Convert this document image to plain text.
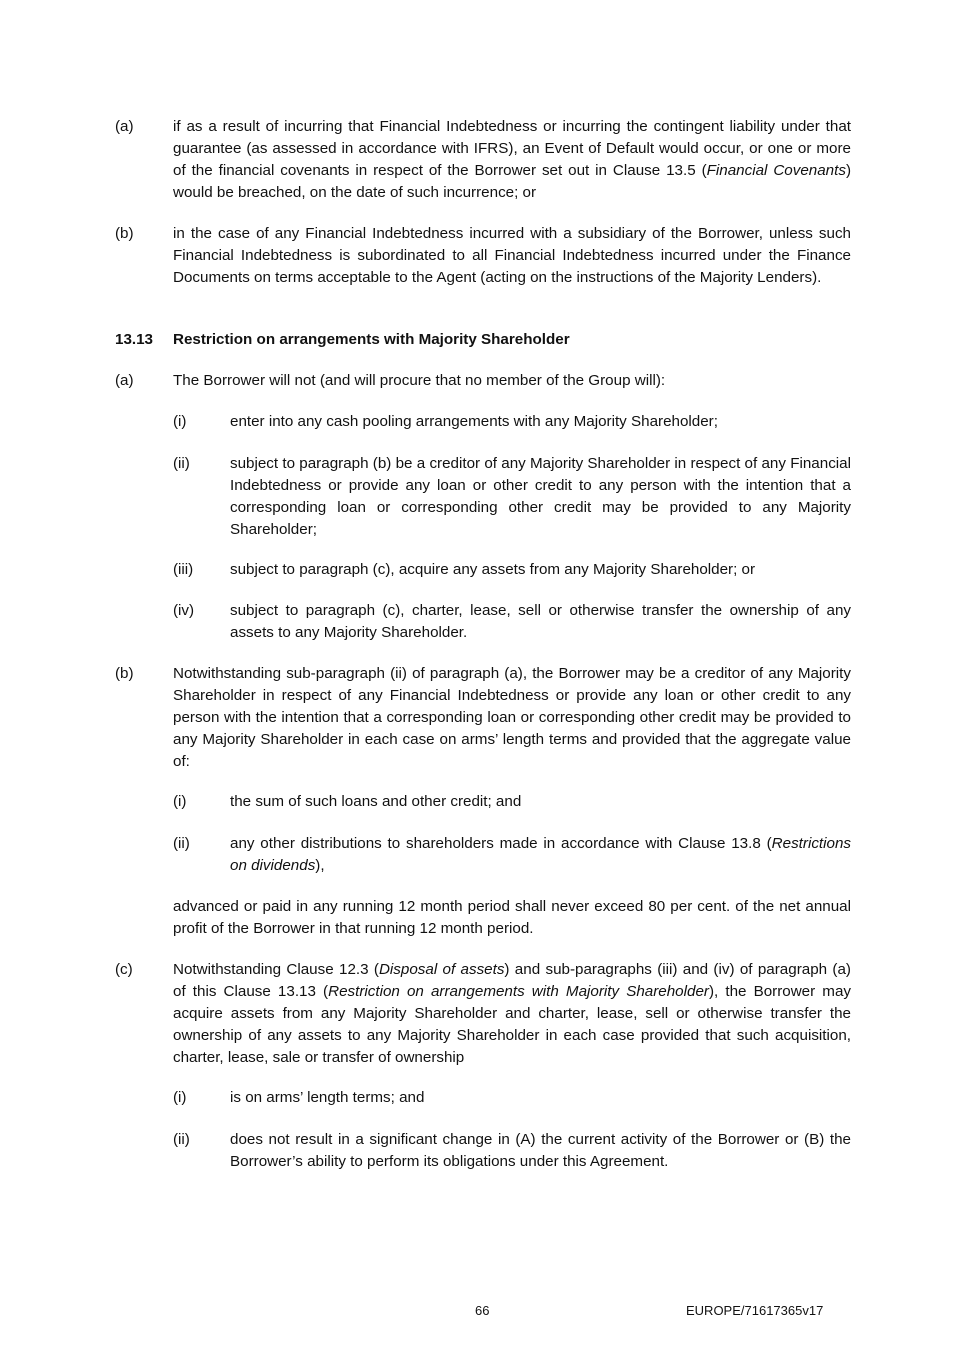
(a)	if as a result of incurring that Financial Indebtedness or incurring the contingent liability under that guarantee (as assessed in accordance with IFRS), an Event of Default would occur, or one or more of the financial covenants in respect of the Borrower set out in Clause 13.5 (Financial Covenants) would be breached, on the date of such incurrence; or
(b)	in the case of any Financial Indebtedness incurred with a subsidiary of the Borrower, unless such Financial Indebtedness is subordinated to all Financial Indebtedness incurred under the Finance Documents on terms acceptable to the Agent (acting on the instructions of the Majority Lenders).
13.13 Restriction on arrangements with Majority Shareholder
(a)	The Borrower will not (and will procure that no member of the Group will):
(i)	enter into any cash pooling arrangements with any Majority Shareholder;
(ii)	subject to paragraph (b) be a creditor of any Majority Shareholder in respect of any Financial Indebtedness or provide any loan or other credit to any person with the intention that a corresponding loan or corresponding other credit may be provided to any Majority Shareholder;
(iii) subject to paragraph (c), acquire any assets from any Majority Shareholder; or
(iv) subject to paragraph (c), charter, lease, sell or otherwise transfer the ownership of any assets to any Majority Shareholder.
(b)	Notwithstanding sub-paragraph (ii) of paragraph (a), the Borrower may be a creditor of any Majority Shareholder in respect of any Financial Indebtedness or provide any loan or other credit to any person with the intention that a corresponding loan or corresponding other credit may be provided to any Majority Shareholder in each case on arms’ length terms and provided that the aggregate value of:
(i)	the sum of such loans and other credit; and
(ii)	any other distributions to shareholders made in accordance with Clause 13.8 (Restrictions on dividends),
advanced or paid in any running 12 month period shall never exceed 80 per cent. of the net annual profit of the Borrower in that running 12 month period.
(c)	Notwithstanding Clause 12.3 (Disposal of assets) and sub-paragraphs (iii) and (iv) of paragraph (a) of this Clause 13.13 (Restriction on arrangements with Majority Shareholder), the Borrower may acquire assets from any Majority Shareholder and charter, lease, sell or otherwise transfer the ownership of any assets to any Majority Shareholder in each case provided that such acquisition, charter, lease, sale or transfer of ownership
(i)	is on arms’ length terms; and
(ii)	does not result in a significant change in (A) the current activity of the Borrower or (B) the Borrower’s ability to perform its obligations under this Agreement.
66	EUROPE/71617365v17
